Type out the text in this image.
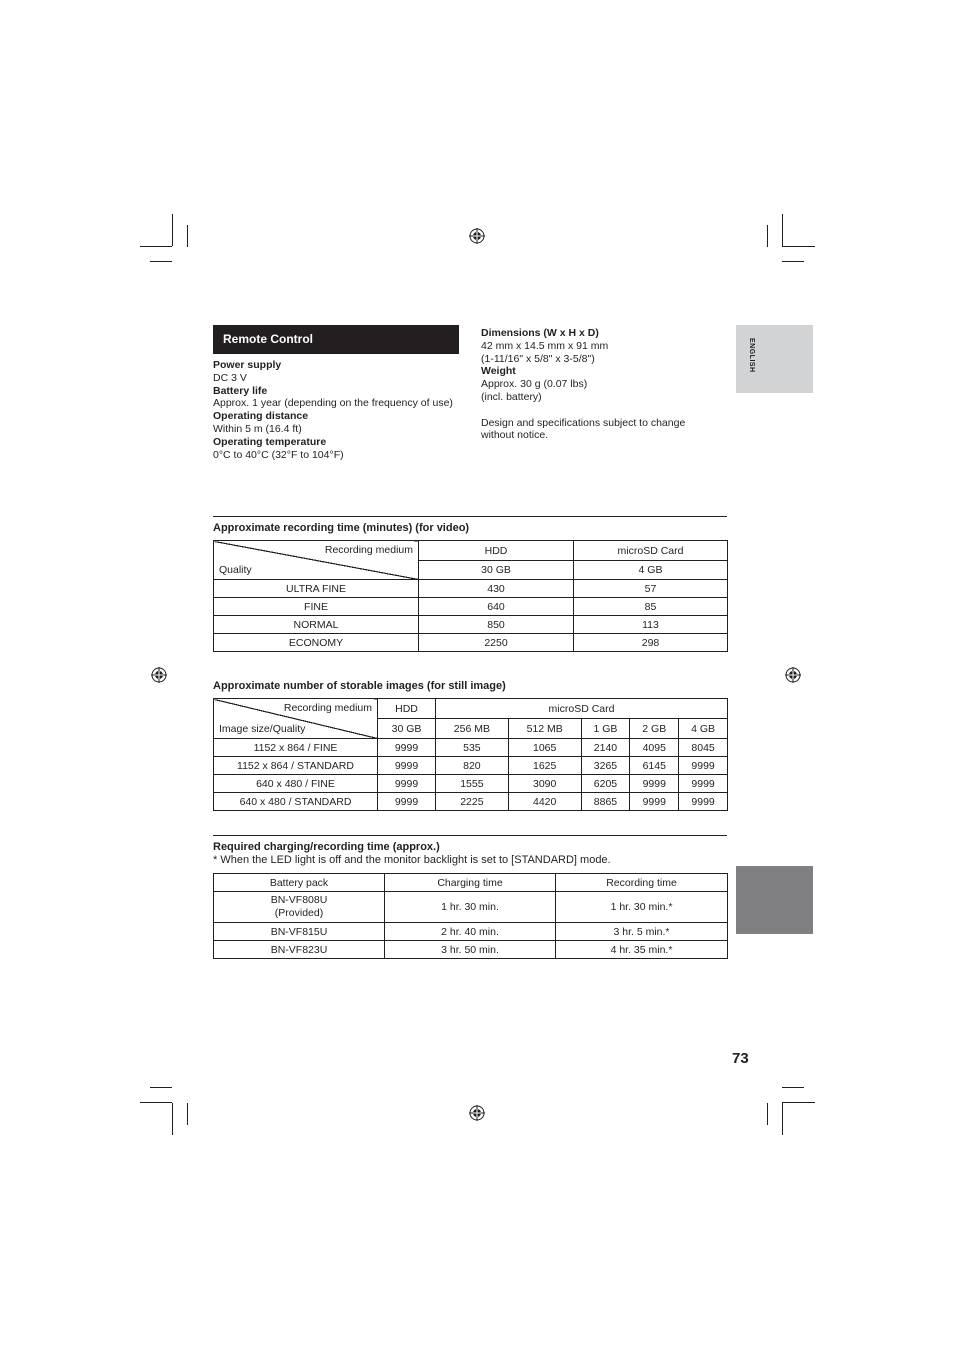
ENGLISH
Remote Control

Power supply

DC 3 V

Battery life

Approx. 1 year (depending on the frequency of use)

Operating distance

Within 5 m (16.4 ft)

Operating temperature

0°C to 40°C (32°F to 104°F)

Dimensions (W x H x D)

42 mm x 14.5 mm x 91 mm

(1-11/16" x 5/8" x 3-5/8")

Weight

Approx. 30 g (0.07 lbs)

(incl. battery)

Design and specifications subject to change without notice.

Approximate recording time (minutes) (for video)
Recording medium
Quality	HDD	microSD Card
	30 GB	4 GB
ULTRA FINE	430	57
FINE	640	85
NORMAL	850	113
ECONOMY	2250	298
Approximate number of storable images (for still image)
Recording medium
Image size/Quality	HDD	microSD Card				
	30 GB	256 MB	512 MB	1 GB	2 GB	4 GB
1152 x 864 / FINE	9999	535	1065	2140	4095	8045
1152 x 864 / STANDARD	9999	820	1625	3265	6145	9999
640 x 480 / FINE	9999	1555	3090	6205	9999	9999
640 x 480 / STANDARD	9999	2225	4420	8865	9999	9999
Required charging/recording time (approx.)
* When the LED light is off and the monitor backlight is set to [STANDARD] mode.
Battery pack	Charging time	Recording time

BN-VF808U
(Provided)	1 hr. 30 min.	1 hr. 30 min.*
BN-VF815U	2 hr. 40 min.	3 hr. 5 min.*
BN-VF823U	3 hr. 50 min.	4 hr. 35 min.*
73
